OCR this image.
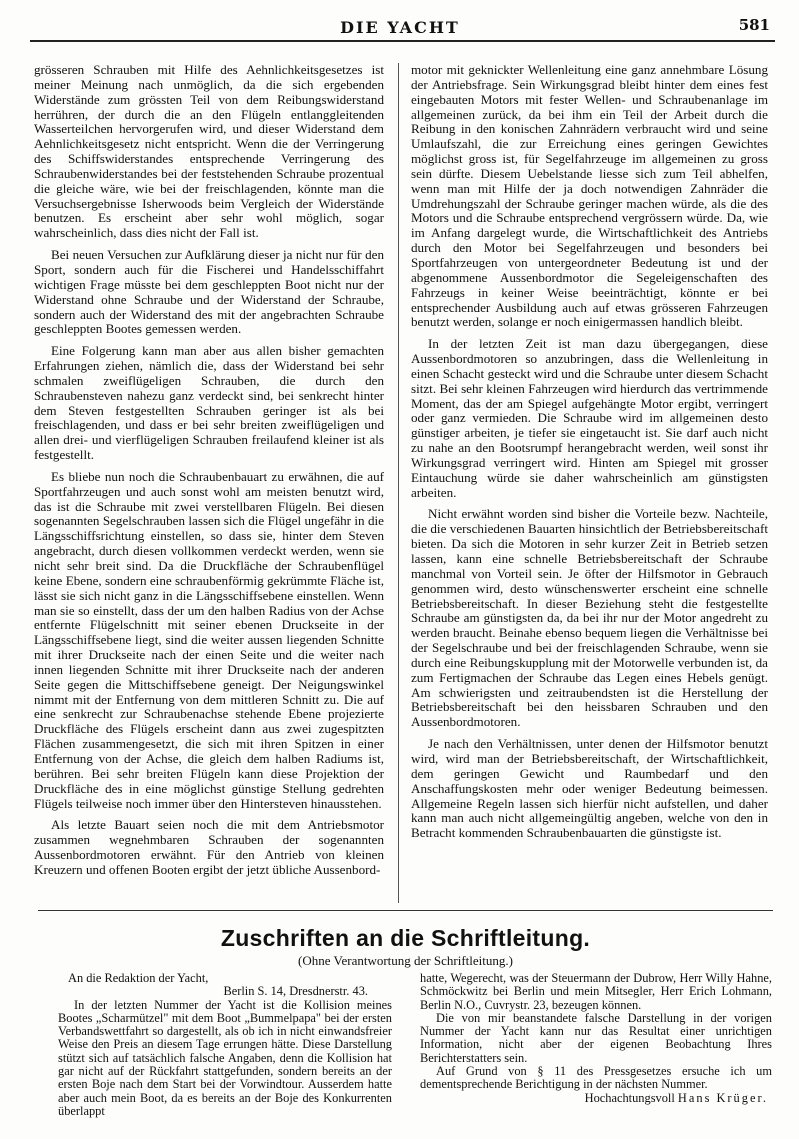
DIE YACHT	581

grösseren Schrauben mit Hilfe des Aehnlichkeitsgesetzes ist meiner Meinung nach unmöglich, da die sich ergebenden Widerstände zum grössten Teil von dem Reibungswiderstand herrühren, der durch die an den Flügeln entlanggleitenden Wasserteilchen hervorgerufen wird, und dieser Widerstand dem Aehnlichkeitsgesetz nicht entspricht. Wenn die der Verringerung des Schiffswiderstandes entsprechende Verringerung des Schraubenwiderstandes bei der feststehenden Schraube prozentual die gleiche wäre, wie bei der freischlagenden, könnte man die Versuchsergebnisse Isherwoods beim Vergleich der Widerstände benutzen. Es erscheint aber sehr wohl möglich, sogar wahrscheinlich, dass dies nicht der Fall ist.

Bei neuen Versuchen zur Aufklärung dieser ja nicht nur für den Sport, sondern auch für die Fischerei und Handelsschiffahrt wichtigen Frage müsste bei dem geschleppten Boot nicht nur der Widerstand ohne Schraube und der Widerstand der Schraube, sondern auch der Widerstand des mit der angebrachten Schraube geschleppten Bootes gemessen werden.

Eine Folgerung kann man aber aus allen bisher gemachten Erfahrungen ziehen, nämlich die, dass der Widerstand bei sehr schmalen zweiflügeligen Schrauben, die durch den Schraubensteven nahezu ganz verdeckt sind, bei senkrecht hinter dem Steven festgestellten Schrauben geringer ist als bei freischlagenden, und dass er bei sehr breiten zweiflügeligen und allen drei- und vierflügeligen Schrauben freilaufend kleiner ist als festgestellt.

Es bliebe nun noch die Schraubenbauart zu erwähnen, die auf Sportfahrzeugen und auch sonst wohl am meisten benutzt wird, das ist die Schraube mit zwei verstellbaren Flügeln. Bei diesen sogenannten Segelschrauben lassen sich die Flügel ungefähr in die Längsschiffsrichtung einstellen, so dass sie, hinter dem Steven angebracht, durch diesen vollkommen verdeckt werden, wenn sie nicht sehr breit sind. Da die Druckfläche der Schraubenflügel keine Ebene, sondern eine schraubenförmig gekrümmte Fläche ist, lässt sie sich nicht ganz in die Längsschiffsebene einstellen. Wenn man sie so einstellt, dass der um den halben Radius von der Achse entfernte Flügelschnitt mit seiner ebenen Druckseite in der Längsschiffsebene liegt, sind die weiter aussen liegenden Schnitte mit ihrer Druckseite nach der einen Seite und die weiter nach innen liegenden Schnitte mit ihrer Druckseite nach der anderen Seite gegen die Mittschiffsebene geneigt. Der Neigungswinkel nimmt mit der Entfernung von dem mittleren Schnitt zu. Die auf eine senkrecht zur Schraubenachse stehende Ebene projezierte Druckfläche des Flügels erscheint dann aus zwei zugespitzten Flächen zusammengesetzt, die sich mit ihren Spitzen in einer Entfernung von der Achse, die gleich dem halben Radiums ist, berühren. Bei sehr breiten Flügeln kann diese Projektion der Druckfläche des in eine möglichst günstige Stellung gedrehten Flügels teilweise noch immer über den Hintersteven hinausstehen.

Als letzte Bauart seien noch die mit dem Antriebsmotor zusammen wegnehmbaren Schrauben der sogenannten Aussenbordmotoren erwähnt. Für den Antrieb von kleinen Kreuzern und offenen Booten ergibt der jetzt übliche Aussenbord-

motor mit geknickter Wellenleitung eine ganz annehmbare Lösung der Antriebsfrage. Sein Wirkungsgrad bleibt hinter dem eines fest eingebauten Motors mit fester Wellen- und Schraubenanlage im allgemeinen zurück, da bei ihm ein Teil der Arbeit durch die Reibung in den konischen Zahnrädern verbraucht wird und seine Umlaufszahl, die zur Erreichung eines geringen Gewichtes möglichst gross ist, für Segelfahrzeuge im allgemeinen zu gross sein dürfte. Diesem Uebelstande liesse sich zum Teil abhelfen, wenn man mit Hilfe der ja doch notwendigen Zahnräder die Umdrehungszahl der Schraube geringer machen würde, als die des Motors und die Schraube entsprechend vergrössern würde. Da, wie im Anfang dargelegt wurde, die Wirtschaftlichkeit des Antriebs durch den Motor bei Segelfahrzeugen und besonders bei Sportfahrzeugen von untergeordneter Bedeutung ist und der abgenommene Aussenbordmotor die Segeleigenschaften des Fahrzeugs in keiner Weise beeinträchtigt, könnte er bei entsprechender Ausbildung auch auf etwas grösseren Fahrzeugen benutzt werden, solange er noch einigermassen handlich bleibt.

In der letzten Zeit ist man dazu übergegangen, diese Aussenbordmotoren so anzubringen, dass die Wellenleitung in einen Schacht gesteckt wird und die Schraube unter diesem Schacht sitzt. Bei sehr kleinen Fahrzeugen wird hierdurch das vertrimmende Moment, das der am Spiegel aufgehängte Motor ergibt, verringert oder ganz vermieden. Die Schraube wird im allgemeinen desto günstiger arbeiten, je tiefer sie eingetaucht ist. Sie darf auch nicht zu nahe an den Bootsrumpf herangebracht werden, weil sonst ihr Wirkungsgrad verringert wird. Hinten am Spiegel mit grosser Eintauchung würde sie daher wahrscheinlich am günstigsten arbeiten.

Nicht erwähnt worden sind bisher die Vorteile bezw. Nachteile, die die verschiedenen Bauarten hinsichtlich der Betriebsbereitschaft bieten. Da sich die Motoren in sehr kurzer Zeit in Betrieb setzen lassen, kann eine schnelle Betriebsbereitschaft der Schraube manchmal von Vorteil sein. Je öfter der Hilfsmotor in Gebrauch genommen wird, desto wünschenswerter erscheint eine schnelle Betriebsbereitschaft. In dieser Beziehung steht die festgestellte Schraube am günstigsten da, da bei ihr nur der Motor angedreht zu werden braucht. Beinahe ebenso bequem liegen die Verhältnisse bei der Segelschraube und bei der freischlagenden Schraube, wenn sie durch eine Reibungskupplung mit der Motorwelle verbunden ist, da zum Fertigmachen der Schraube das Legen eines Hebels genügt. Am schwierigsten und zeitraubendsten ist die Herstellung der Betriebsbereitschaft bei den heissbaren Schrauben und den Aussenbordmotoren.

Je nach den Verhältnissen, unter denen der Hilfsmotor benutzt wird, wird man der Betriebsbereitschaft, der Wirtschaftlichkeit, dem geringen Gewicht und Raumbedarf und den Anschaffungskosten mehr oder weniger Bedeutung beimessen. Allgemeine Regeln lassen sich hierfür nicht aufstellen, und daher kann man auch nicht allgemeingültig angeben, welche von den in Betracht kommenden Schraubenbauarten die günstigste ist.

Zuschriften an die Schriftleitung.
(Ohne Verantwortung der Schriftleitung.)

An die Redaktion der Yacht,

Berlin S. 14, Dresdnerstr. 43.

In der letzten Nummer der Yacht ist die Kollision meines Bootes „Scharmützel" mit dem Boot „Bummelpapa" bei der ersten Verbandswettfahrt so dargestellt, als ob ich in nicht einwandsfreier Weise den Preis an diesem Tage errungen hätte. Diese Darstellung stützt sich auf tatsächlich falsche Angaben, denn die Kollision hat gar nicht auf der Rückfahrt stattgefunden, sondern bereits an der ersten Boje nach dem Start bei der Vorwindtour. Ausserdem hatte aber auch mein Boot, da es bereits an der Boje des Konkurrenten überlappt

hatte, Wegerecht, was der Steuermann der Dubrow, Herr Willy Hahne, Schmöckwitz bei Berlin und mein Mitsegler, Herr Erich Lohmann, Berlin N.O., Cuvrystr. 23, bezeugen können.

Die von mir beanstandete falsche Darstellung in der vorigen Nummer der Yacht kann nur das Resultat einer unrichtigen Information, nicht aber der eigenen Beobachtung Ihres Berichterstatters sein.

Auf Grund von § 11 des Pressgesetzes ersuche ich um dementsprechende Berichtigung in der nächsten Nummer.

Hochachtungsvoll Hans Krüger.
